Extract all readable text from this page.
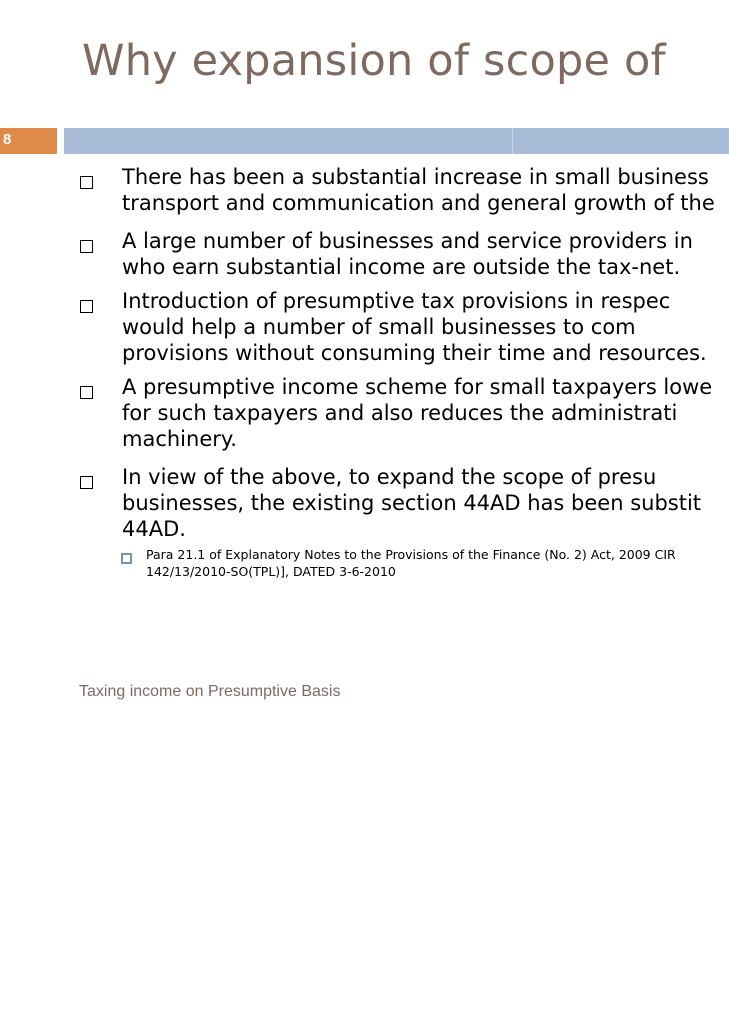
Why expansion of scope of
8
There has been a substantial increase in small business
transport and communication and general growth of the
A large number of businesses and service providers in
who earn substantial income are outside the tax-net.
Introduction of presumptive tax provisions in respec
would help a number of small businesses to com
provisions without consuming their time and resources.
A presumptive income scheme for small taxpayers lowe
for such taxpayers and also reduces the administrati
machinery.
In view of the above, to expand the scope of presu
businesses, the existing section 44AD has been substit
44AD.
Para 21.1 of Explanatory Notes to the Provisions of the Finance (No. 2) Act, 2009 CIR
142/13/2010-SO(TPL)], DATED 3-6-2010
Taxing income on Presumptive Basis
